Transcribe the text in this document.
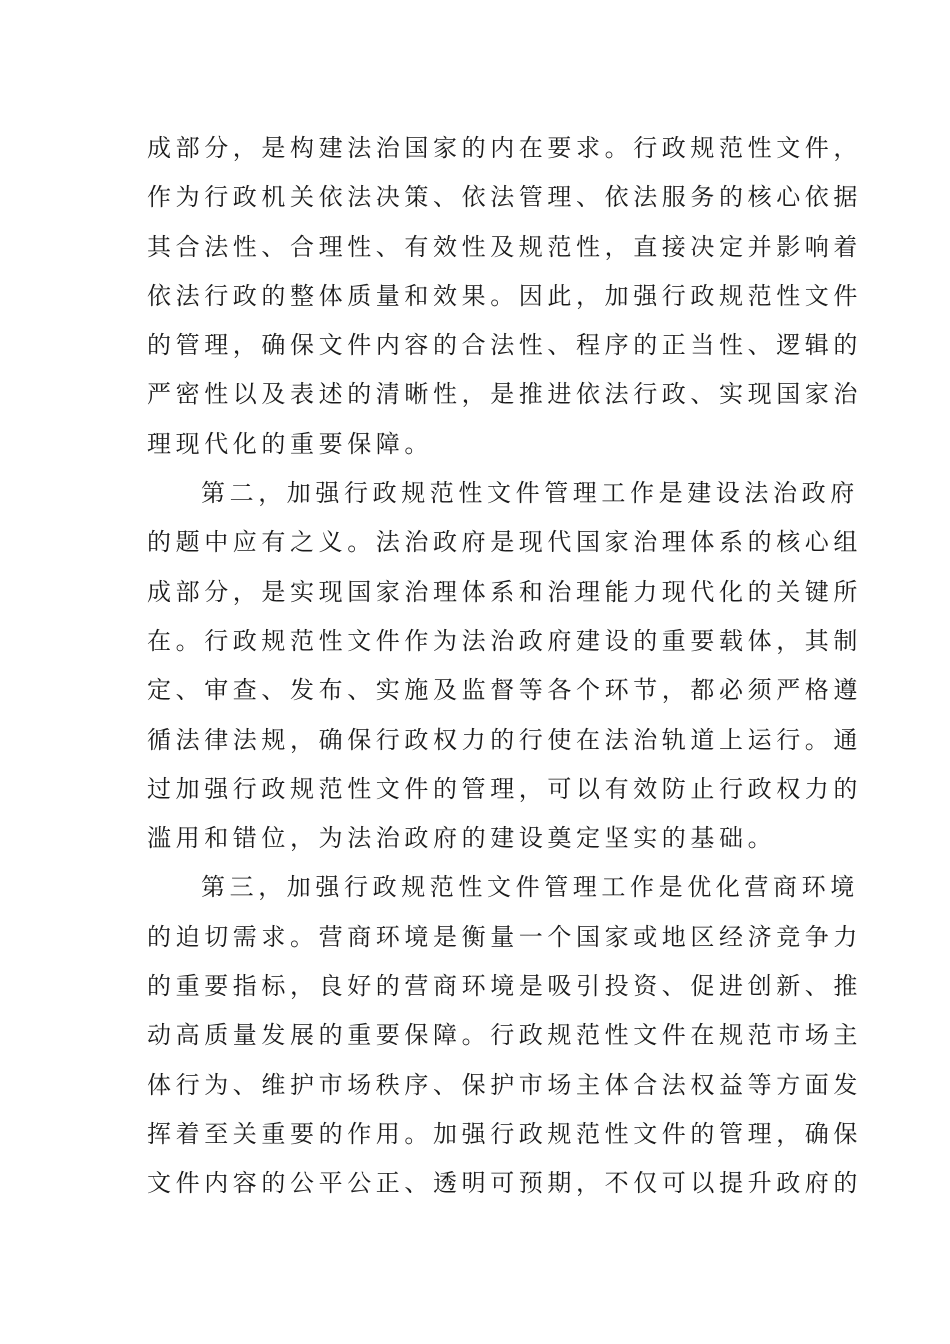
成部分，是构建法治国家的内在要求。行政规范性文件，
作为行政机关依法决策、依法管理、依法服务的核心依据
其合法性、合理性、有效性及规范性，直接决定并影响着
依法行政的整体质量和效果。因此，加强行政规范性文件
的管理，确保文件内容的合法性、程序的正当性、逻辑的
严密性以及表述的清晰性，是推进依法行政、实现国家治
理现代化的重要保障。
第二，加强行政规范性文件管理工作是建设法治政府
的题中应有之义。法治政府是现代国家治理体系的核心组
成部分，是实现国家治理体系和治理能力现代化的关键所
在。行政规范性文件作为法治政府建设的重要载体，其制
定、审查、发布、实施及监督等各个环节，都必须严格遵
循法律法规，确保行政权力的行使在法治轨道上运行。通
过加强行政规范性文件的管理，可以有效防止行政权力的
滥用和错位，为法治政府的建设奠定坚实的基础。
第三，加强行政规范性文件管理工作是优化营商环境
的迫切需求。营商环境是衡量一个国家或地区经济竞争力
的重要指标，良好的营商环境是吸引投资、促进创新、推
动高质量发展的重要保障。行政规范性文件在规范市场主
体行为、维护市场秩序、保护市场主体合法权益等方面发
挥着至关重要的作用。加强行政规范性文件的管理，确保
文件内容的公平公正、透明可预期，不仅可以提升政府的
